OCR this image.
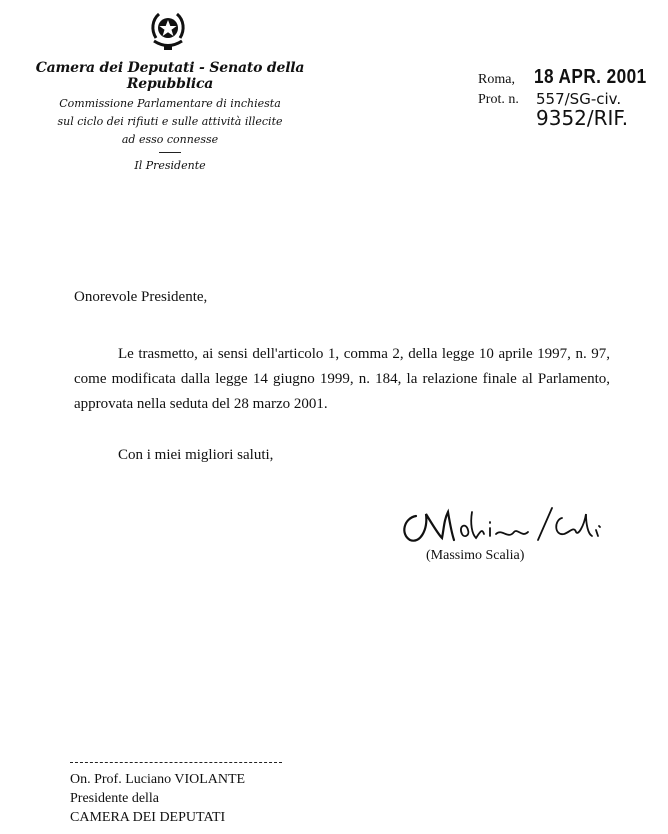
Camera dei Deputati - Senato della Repubblica

Commissione Parlamentare di inchiesta

sul ciclo dei rifiuti e sulle attività illecite

ad esso connesse

Il Presidente

Roma, 18 APR. 2001
Prot. n.	557/SG-civ.
9352/RIF.

Onorevole Presidente,

Le trasmetto, ai sensi dell'articolo 1, comma 2, della legge 10 aprile 1997, n. 97, come modificata dalla legge 14 giugno 1999, n. 184, la relazione finale al Parlamento, approvata nella seduta del 28 marzo 2001.

Con i miei migliori saluti,

(Massimo Scalia)
On. Prof. Luciano VIOLANTE
Presidente della
CAMERA DEI DEPUTATI
